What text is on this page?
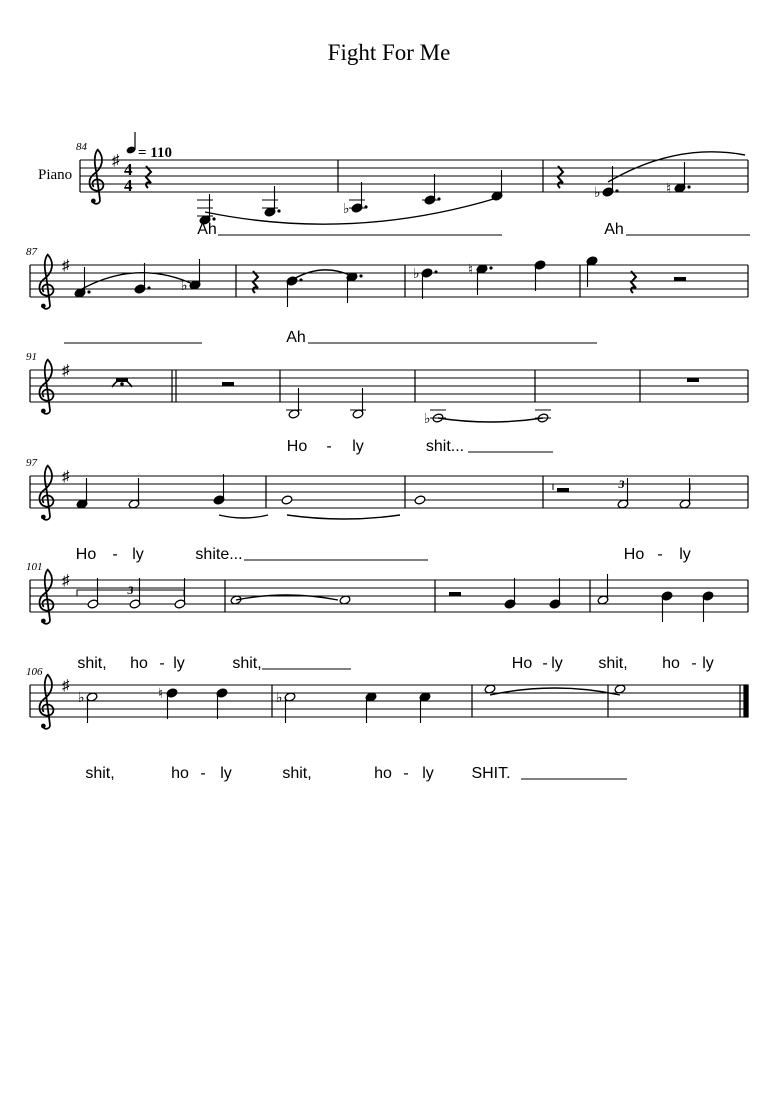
Fight For Me
Piano
♯
84
♯
87
♯
91
♯
97
♯
101
♯
106
4
4
= 110
♭
♭	♮
♭
♭	♮
♭
3
3
♭	♮	♭
Ah	Ah
Ah
Ho - ly	shit...
Ho - ly	shite...	Ho - ly
shit, ho - ly	shit,	Ho - ly shit, ho - ly
shit,	ho - ly	shit,	ho - ly SHIT.
